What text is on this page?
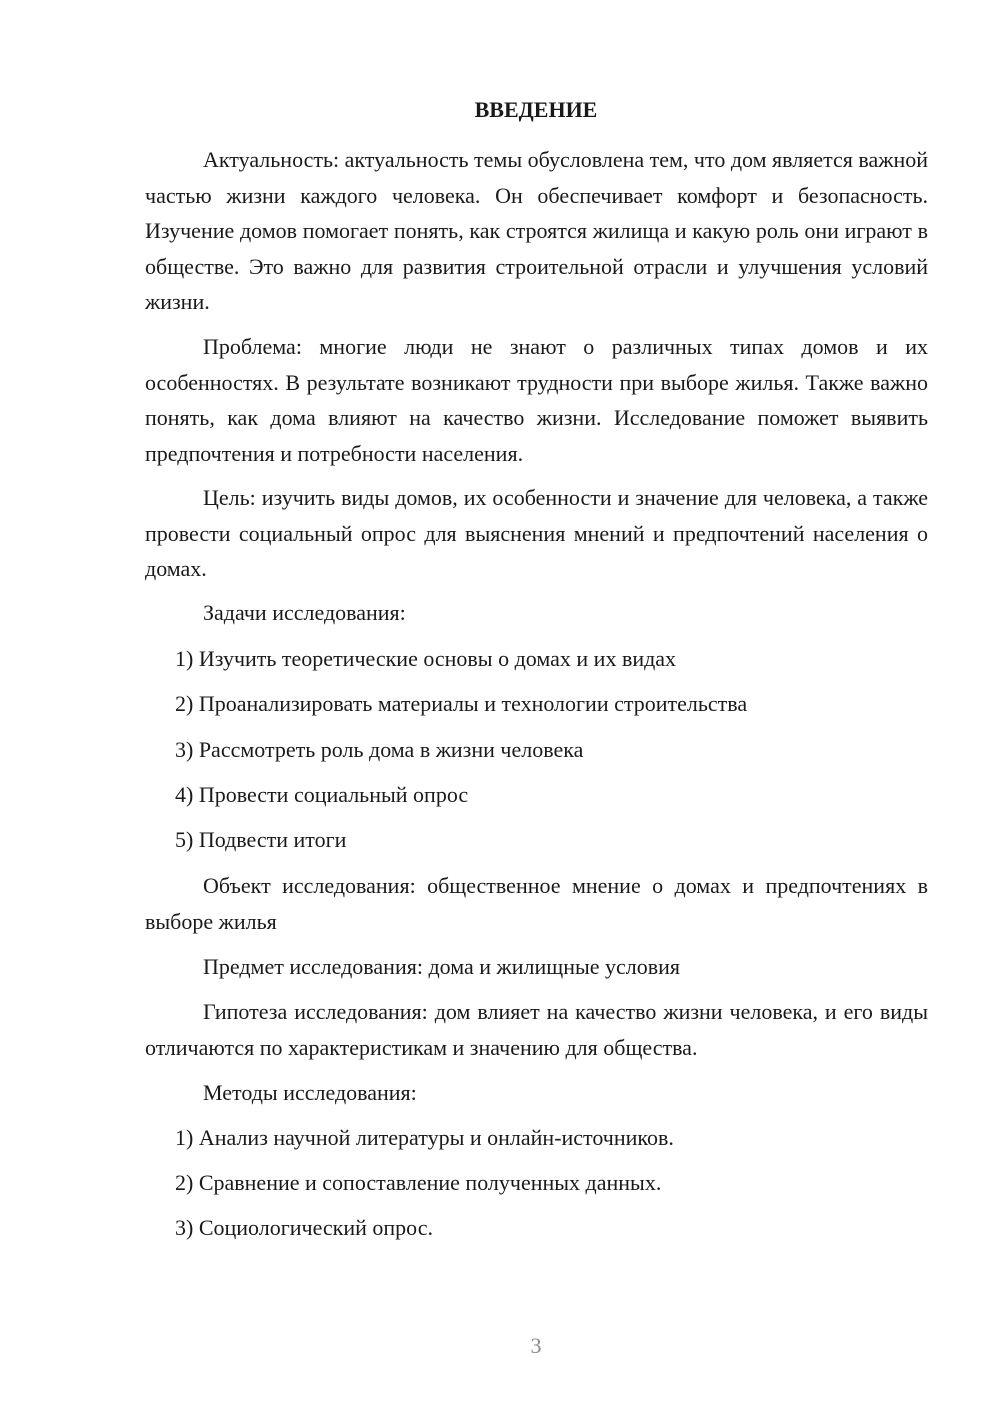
ВВЕДЕНИЕ

Актуальность: актуальность темы обусловлена тем, что дом является важной частью жизни каждого человека. Он обеспечивает комфорт и безопасность. Изучение домов помогает понять, как строятся жилища и какую роль они играют в обществе. Это важно для развития строительной отрасли и улучшения условий жизни.

Проблема: многие люди не знают о различных типах домов и их особенностях. В результате возникают трудности при выборе жилья. Также важно понять, как дома влияют на качество жизни. Исследование поможет выявить предпочтения и потребности населения.

Цель: изучить виды домов, их особенности и значение для человека, а также провести социальный опрос для выяснения мнений и предпочтений населения о домах.

Задачи исследования:

1) Изучить теоретические основы о домах и их видах
2) Проанализировать материалы и технологии строительства
3) Рассмотреть роль дома в жизни человека
4) Провести социальный опрос
5) Подвести итоги

Объект исследования: общественное мнение о домах и предпочтениях в выборе жилья

Предмет исследования: дома и жилищные условия

Гипотеза исследования: дом влияет на качество жизни человека, и его виды отличаются по характеристикам и значению для общества.

Методы исследования:

1) Анализ научной литературы и онлайн-источников.
2) Сравнение и сопоставление полученных данных.
3) Социологический опрос.
3
